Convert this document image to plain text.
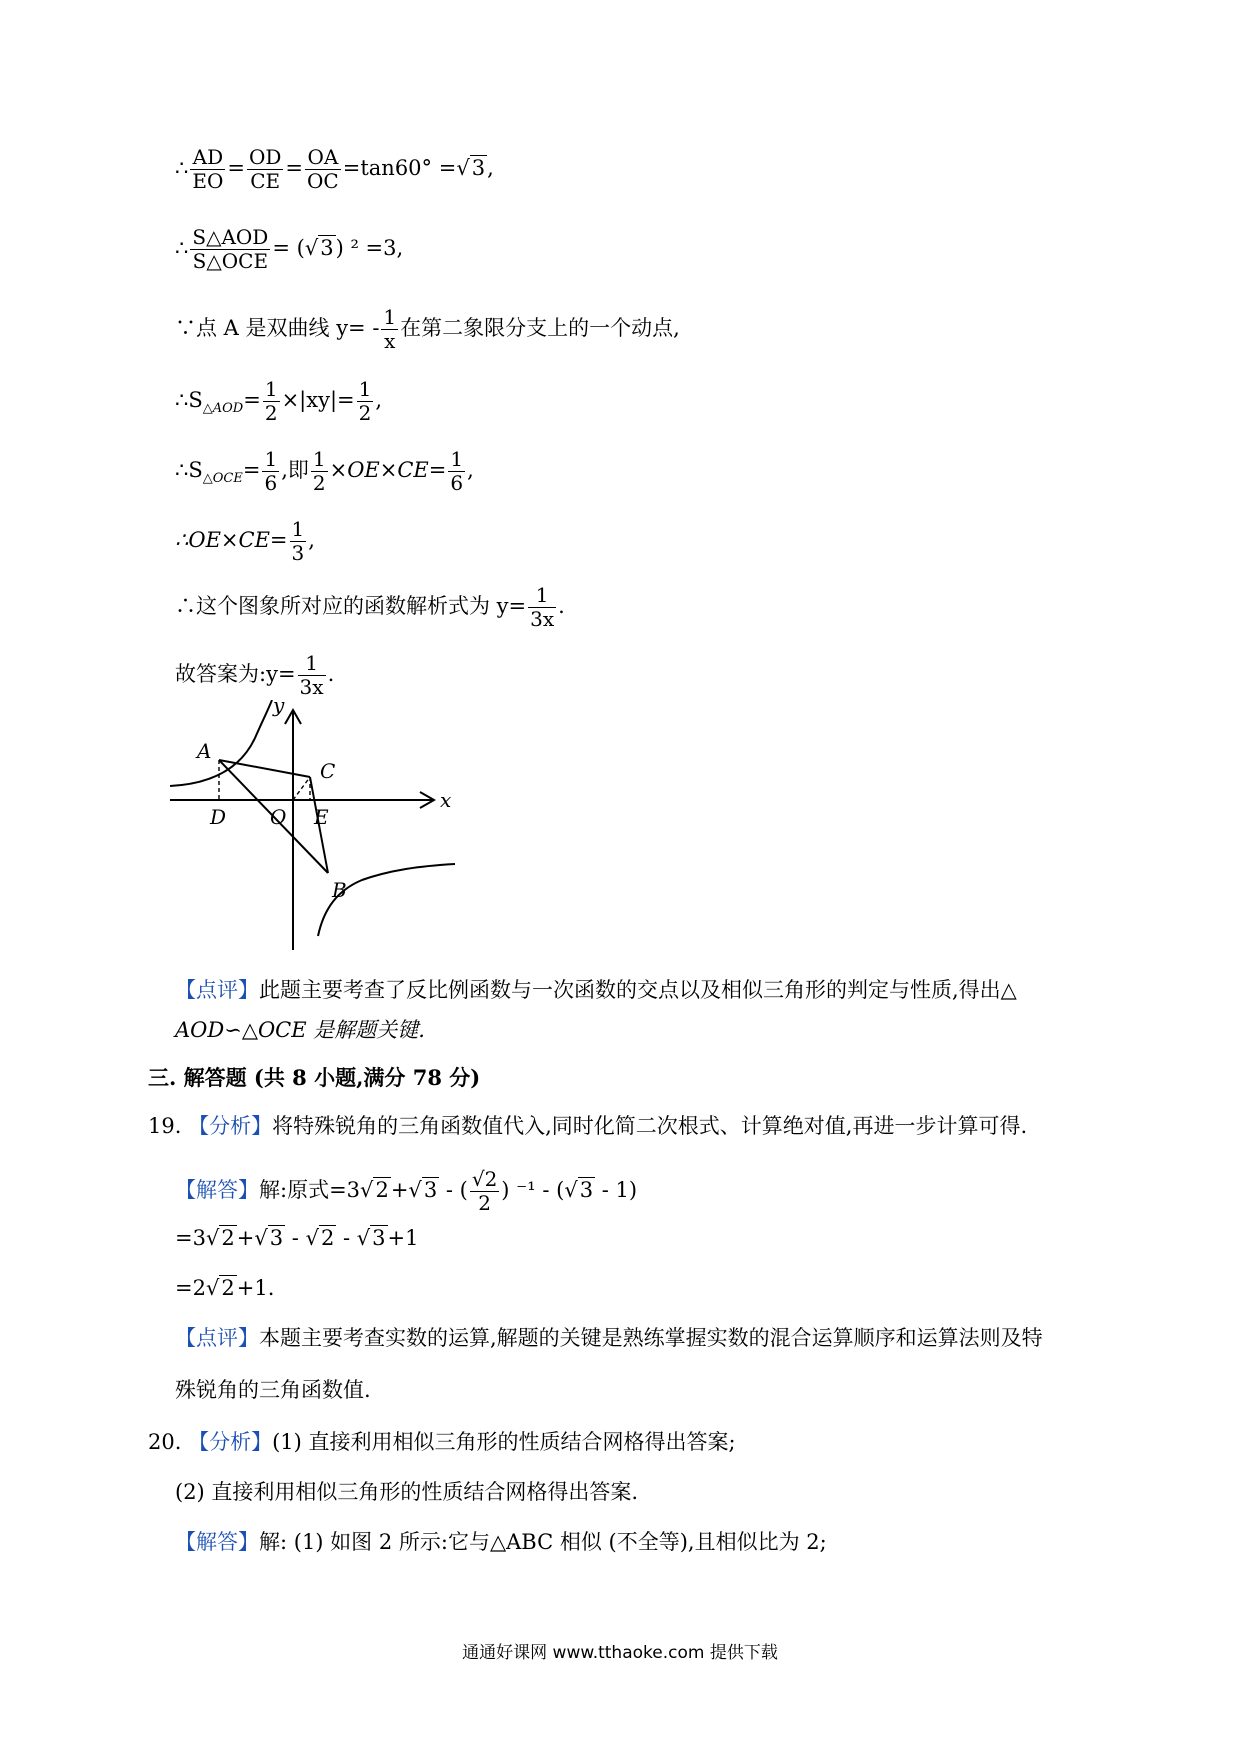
∴ $\frac{AD}{EO} = \frac{OD}{CE} = \frac{OA}{OC} =\tan 60^\circ =√3$,
∴ $\frac{\text{S△AOD}}{\text{S△OCE}} = (√3)$ ² =3,
∵点 A 是双曲线 $y= - \frac{1}{x}$ 在第二象限分支上的一个动点,
$\therefore S_{\triangle AOD}= \frac{1}{2} \times|xy|= \frac{1}{2}$ ,
$\therefore S_{\triangle OCE}= \frac{1}{6}$ ,即 $\frac{1}{2} \times OE\times CE= \frac{1}{6}$ ,
∴OE×CE= $\frac{1}{3}$ ,
∴这个图象所对应的函数解析式为 $y= \frac{1}{3x}$ .
故答案为:y= $\frac{1}{3x}$ .
y
x
A
C
D O E
B
【点评】此题主要考查了反比例函数与一次函数的交点以及相似三角形的判定与性质,得出△
AOD∽△OCE 是解题关键.
三. 解答题 (共 8 小题,满分 78 分)
19. 【分析】将特殊锐角的三角函数值代入,同时化简二次根式、计算绝对值,再进一步计算可得.
【解答】解:原式=3√2+√3 - ( $\frac{√2}{2}$ ) ⁻¹ - (√3 - 1)
=3√2+√3 - √2 - √3+1
=2√2+1.
【点评】本题主要考查实数的运算,解题的关键是熟练掌握实数的混合运算顺序和运算法则及特
殊锐角的三角函数值.
20. 【分析】(1) 直接利用相似三角形的性质结合网格得出答案;
(2) 直接利用相似三角形的性质结合网格得出答案.
【解答】解: (1) 如图 2 所示:它与△ABC 相似 (不全等),且相似比为 2;
通通好课网 www.tthaoke.com 提供下载
